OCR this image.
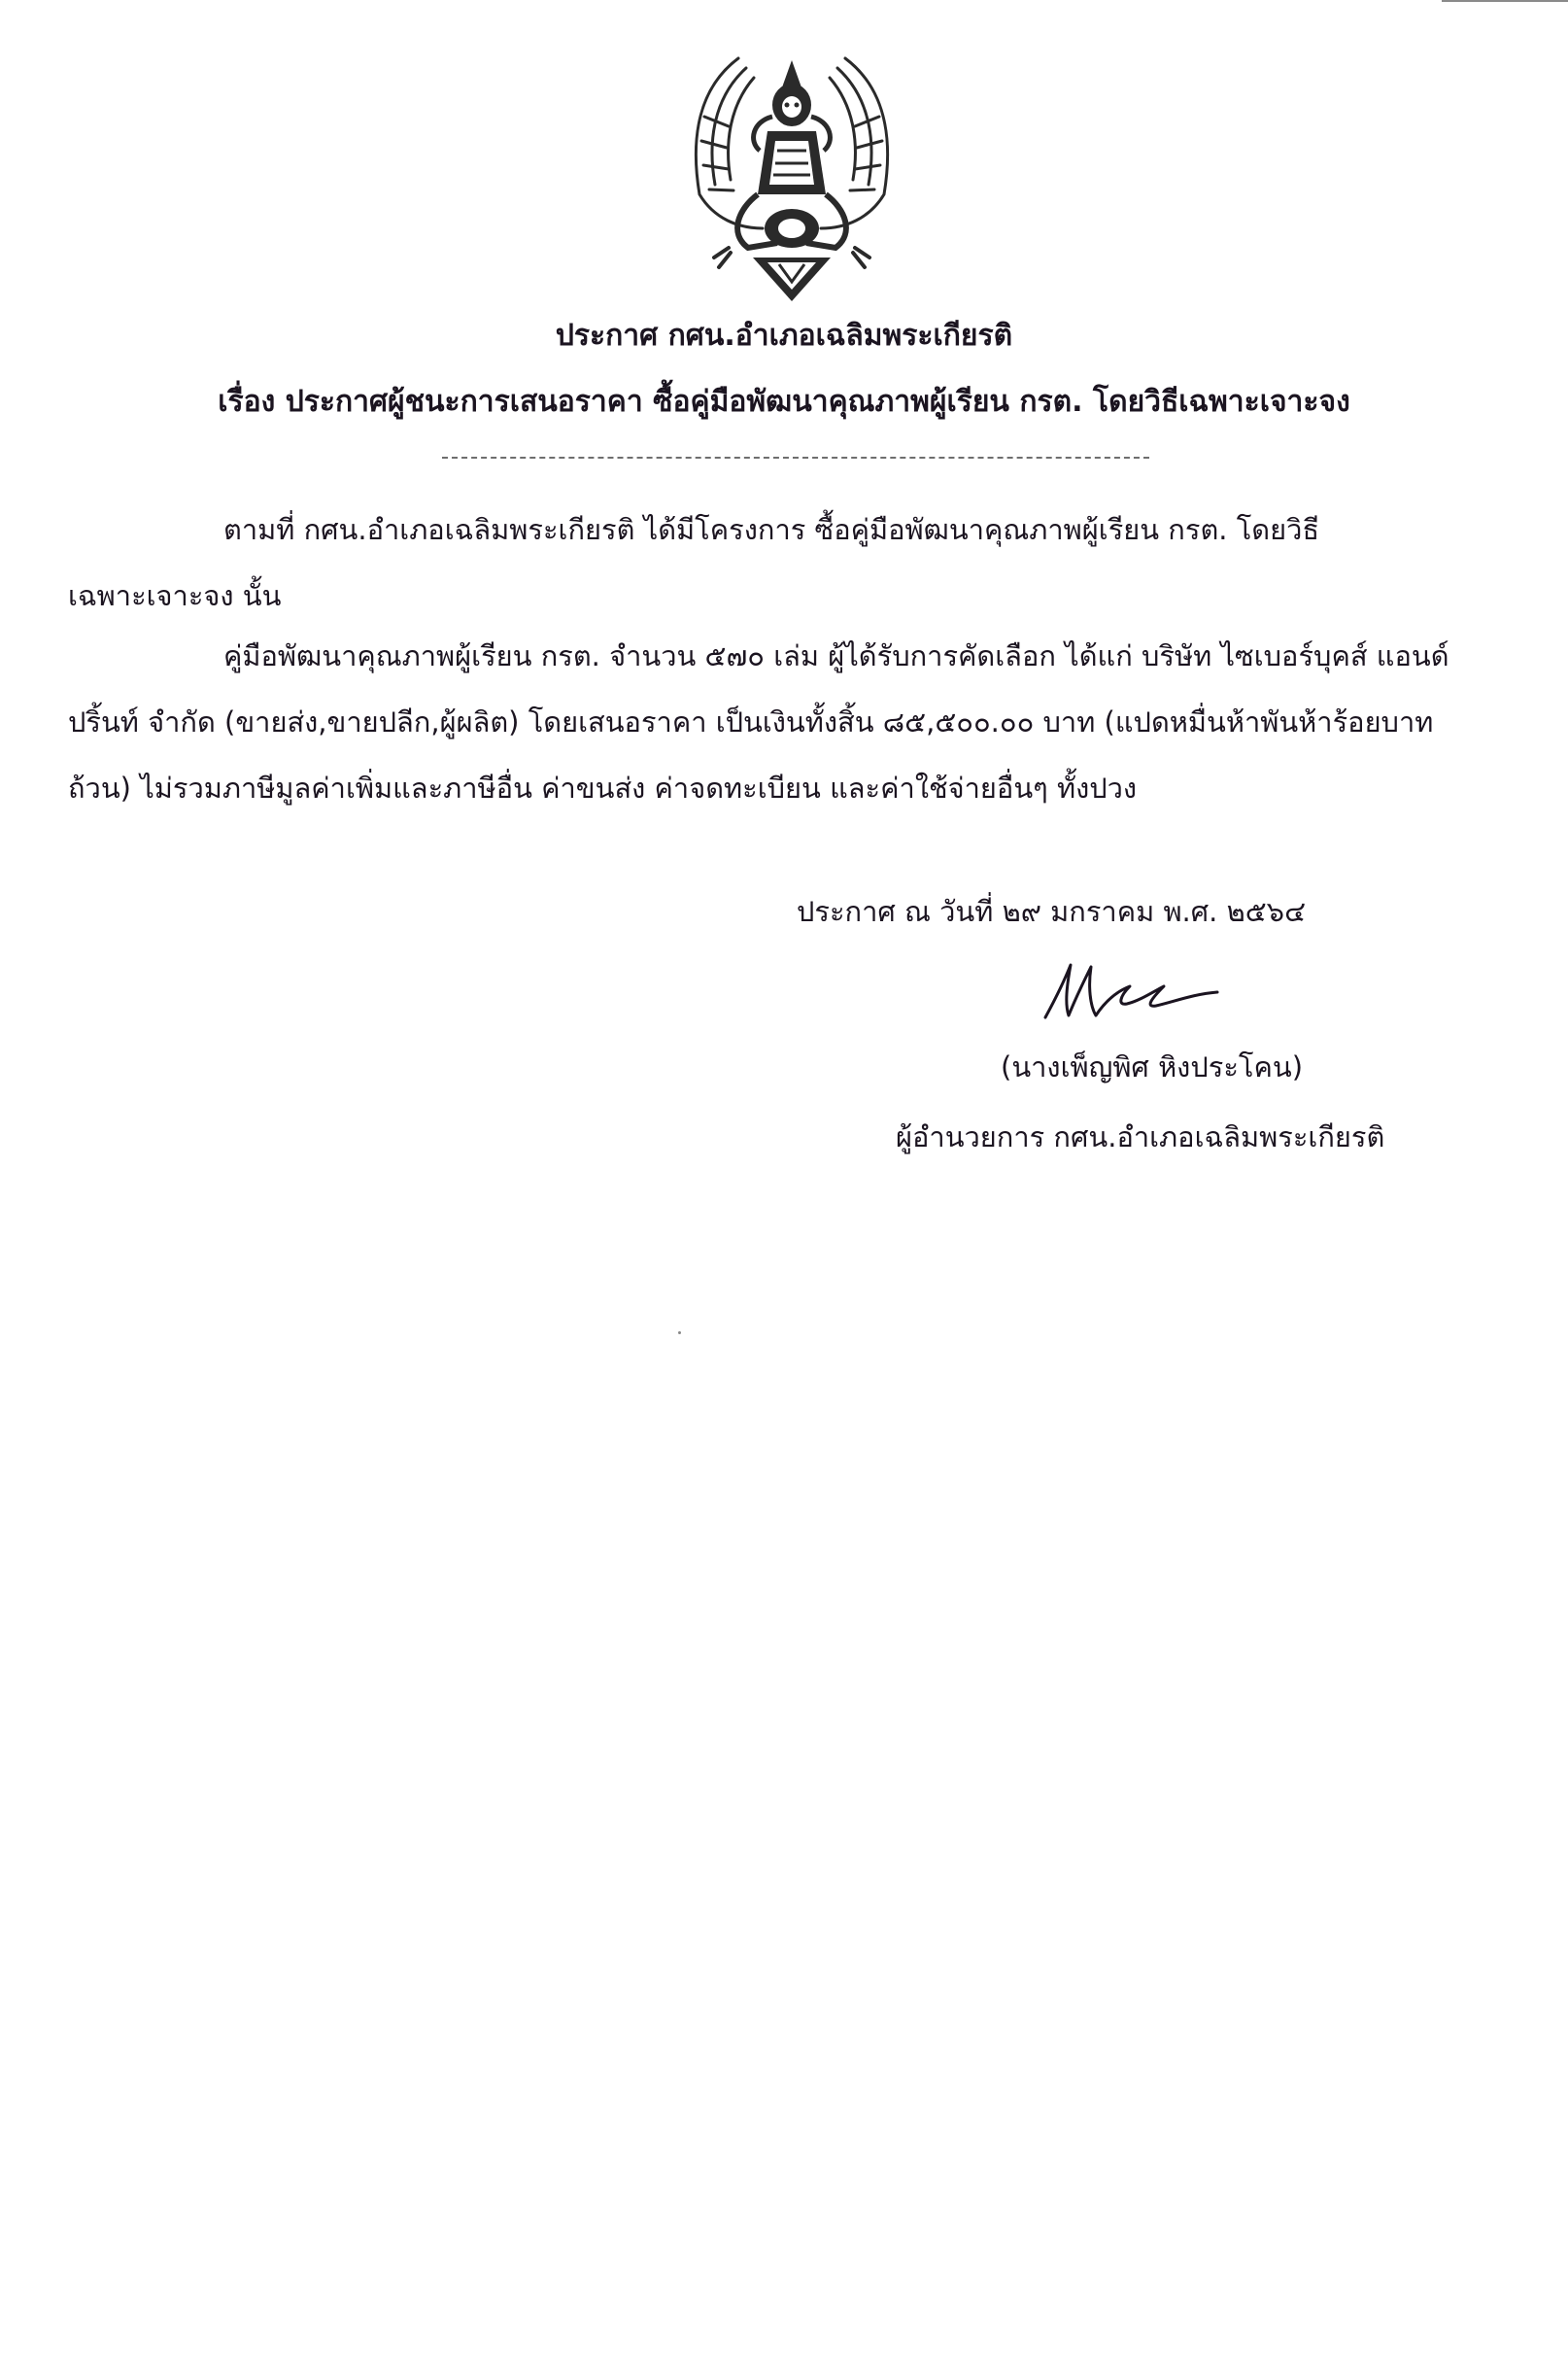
ประกาศ กศน.อำเภอเฉลิมพระเกียรติ
เรื่อง ประกาศผู้ชนะการเสนอราคา ซื้อคู่มือพัฒนาคุณภาพผู้เรียน กรต. โดยวิธีเฉพาะเจาะจง
ตามที่ กศน.อำเภอเฉลิมพระเกียรติ ได้มีโครงการ ซื้อคู่มือพัฒนาคุณภาพผู้เรียน กรต. โดยวิธี
เฉพาะเจาะจง นั้น
คู่มือพัฒนาคุณภาพผู้เรียน กรต. จำนวน ๕๗๐ เล่ม ผู้ได้รับการคัดเลือก ได้แก่ บริษัท ไซเบอร์บุคส์ แอนด์
ปริ้นท์ จำกัด (ขายส่ง,ขายปลีก,ผู้ผลิต) โดยเสนอราคา เป็นเงินทั้งสิ้น ๘๕,๕๐๐.๐๐ บาท (แปดหมื่นห้าพันห้าร้อยบาท
ถ้วน) ไม่รวมภาษีมูลค่าเพิ่มและภาษีอื่น ค่าขนส่ง ค่าจดทะเบียน และค่าใช้จ่ายอื่นๆ ทั้งปวง
ประกาศ ณ วันที่ ๒๙ มกราคม พ.ศ. ๒๕๖๔
(นางเพ็ญพิศ หิงประโคน)
ผู้อำนวยการ กศน.อำเภอเฉลิมพระเกียรติ
